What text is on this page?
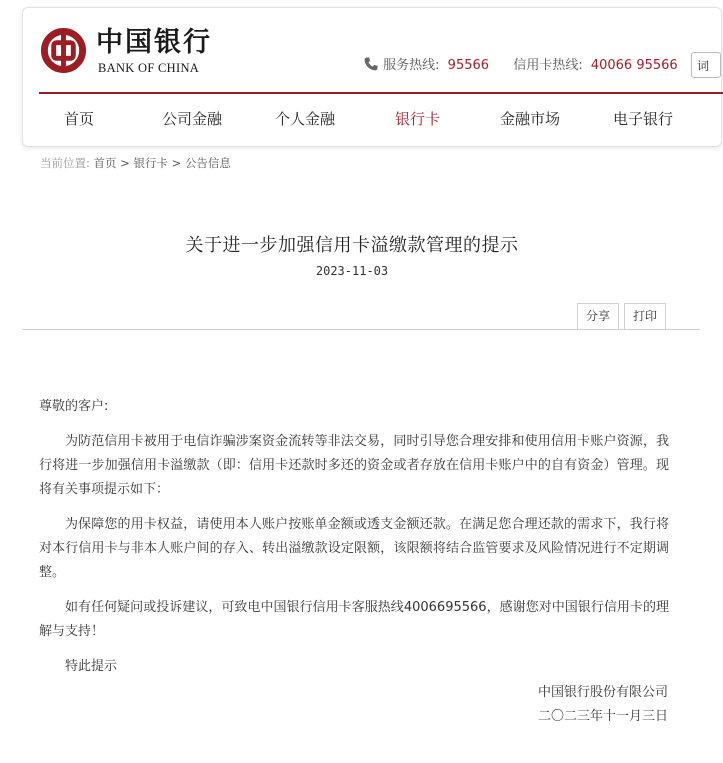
中国银行
BANK OF CHINA	服务热线: 95566 信用卡热线: 40066 95566	词
首页	公司金融	个人金融	银行卡	金融市场	电子银行
当前位置: 首页 > 银行卡 > 公告信息
关于进一步加强信用卡溢缴款管理的提示
2023-11-03
分享	打印

尊敬的客户:

为防范信用卡被用于电信诈骗涉案资金流转等非法交易，同时引导您合理安排和使用信用卡账户资源，我行将进一步加强信用卡溢缴款（即：信用卡还款时多还的资金或者存放在信用卡账户中的自有资金）管理。现将有关事项提示如下：

为保障您的用卡权益，请使用本人账户按账单金额或透支金额还款。在满足您合理还款的需求下，我行将对本行信用卡与非本人账户间的存入、转出溢缴款设定限额，该限额将结合监管要求及风险情况进行不定期调整。

如有任何疑问或投诉建议，可致电中国银行信用卡客服热线4006695566，感谢您对中国银行信用卡的理解与支持！

特此提示

中国银行股份有限公司
二〇二三年十一月三日
